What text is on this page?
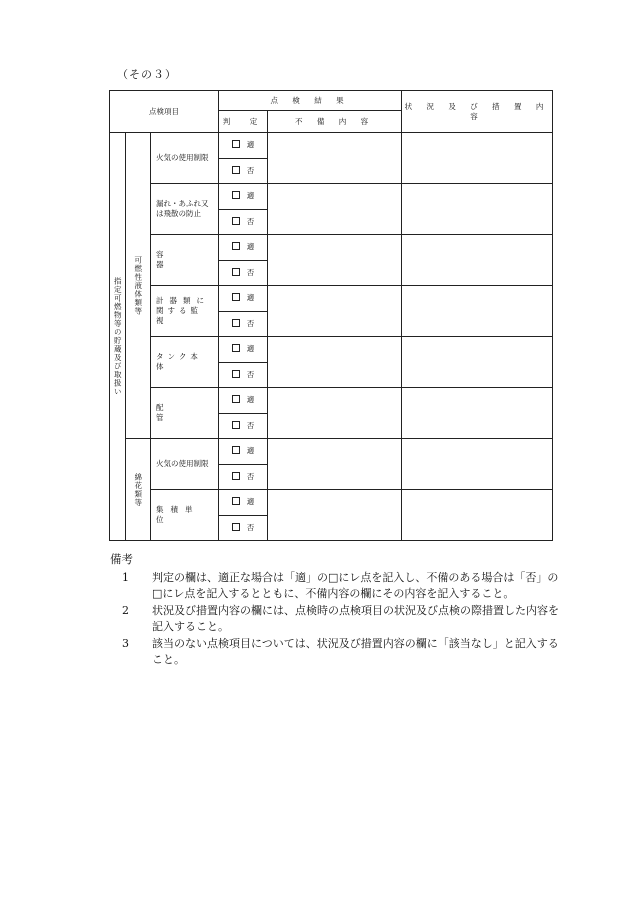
（その３）
点検項目			点 検 結 果		状 況 及 び 措 置 内 容
			判　定	不 備 内 容	

指定可燃物等の貯蔵及び取扱い	可燃性液体類等	火気の使用制限	適		
			否		

		漏れ・あふれ又
は飛散の防止	適		
			否		
		容器	適		
			否		

		計器類に
関する監視	適		
			否		
		タンク本体	適		
			否		
		配管	適		
			否		

	綿花類等	火気の使用制限	適		
			否		
		集積単位	適		
			否		
備考
1	判定の欄は、適正な場合は「適」の□にレ点を記入し、不備のある場合は「否」の□にレ点を記入するとともに、不備内容の欄にその内容を記入すること。
2	状況及び措置内容の欄には、点検時の点検項目の状況及び点検の際措置した内容を記入すること。
3	該当のない点検項目については、状況及び措置内容の欄に「該当なし」と記入すること。
